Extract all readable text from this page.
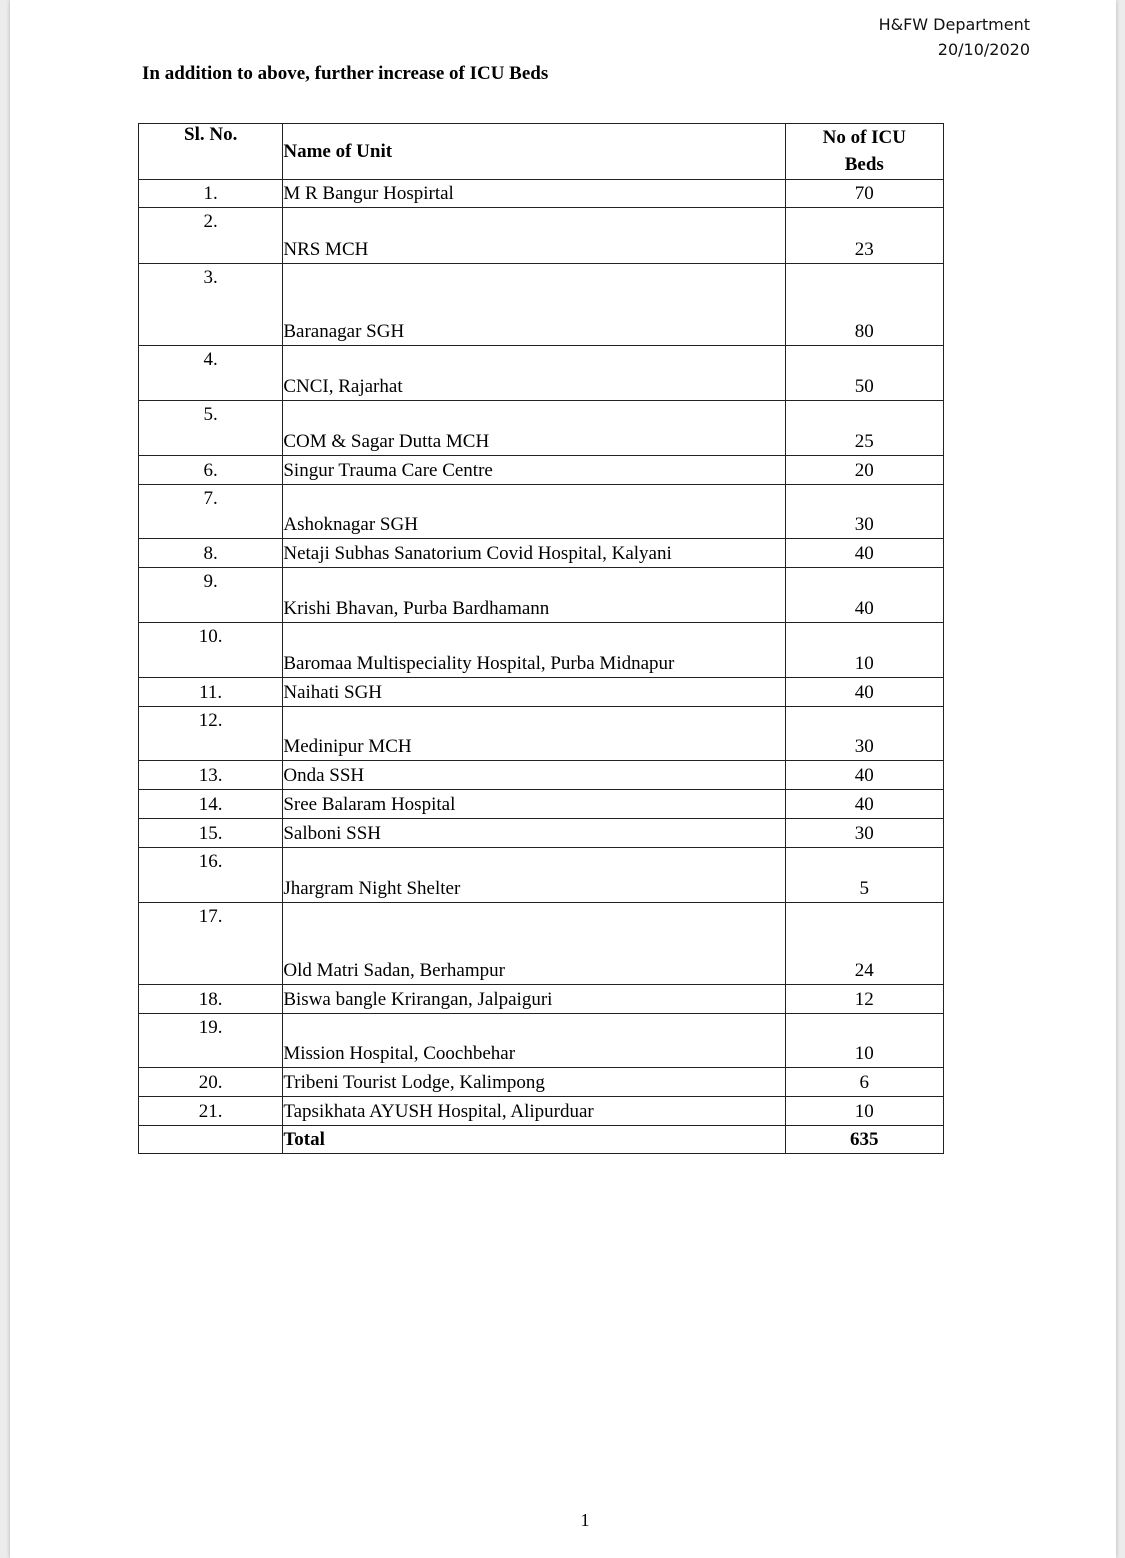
H&FW Department
20/10/2020
In addition to above, further increase of ICU Beds
1
Sl. No.	Name of Unit	No of ICU
Beds

1.	M R Bangur Hospirtal	70
2.	NRS MCH	23
3.	Baranagar SGH	80
4.	CNCI, Rajarhat	50
5.	COM & Sagar Dutta MCH	25
6.	Singur Trauma Care Centre	20
7.	Ashoknagar SGH	30
8.	Netaji Subhas Sanatorium Covid Hospital, Kalyani	40
9.	Krishi Bhavan, Purba Bardhamann	40
10.	Baromaa Multispeciality Hospital, Purba Midnapur	10
11.	Naihati SGH	40
12.	Medinipur MCH	30
13.	Onda SSH	40
14.	Sree Balaram Hospital	40
15.	Salboni SSH	30
16.	Jhargram Night Shelter	5
17.	Old Matri Sadan, Berhampur	24
18.	Biswa bangle Krirangan, Jalpaiguri	12
19.	Mission Hospital, Coochbehar	10
20.	Tribeni Tourist Lodge, Kalimpong	6
21.	Tapsikhata AYUSH Hospital, Alipurduar	10
	Total	635
